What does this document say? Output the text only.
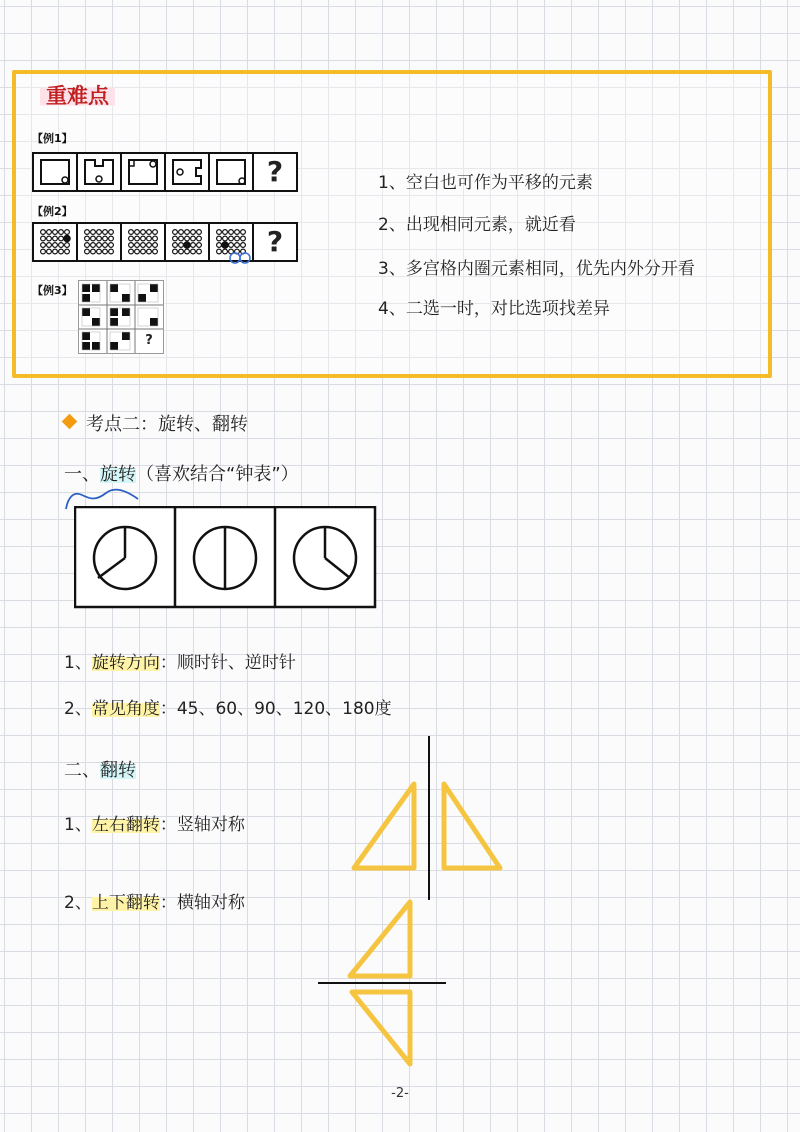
重难点
【例1】
?
【例2】
?
【例3】
?
1、空白也可作为平移的元素
2、出现相同元素，就近看
3、多宫格内圈元素相同，优先内外分开看
4、二选一时，对比选项找差异
考点二：旋转、翻转
一、旋转（喜欢结合“钟表”）
1、旋转方向：顺时针、逆时针
2、常见角度：45、60、90、120、180度
二、翻转
1、左右翻转：竖轴对称
2、上下翻转：横轴对称
-2-
